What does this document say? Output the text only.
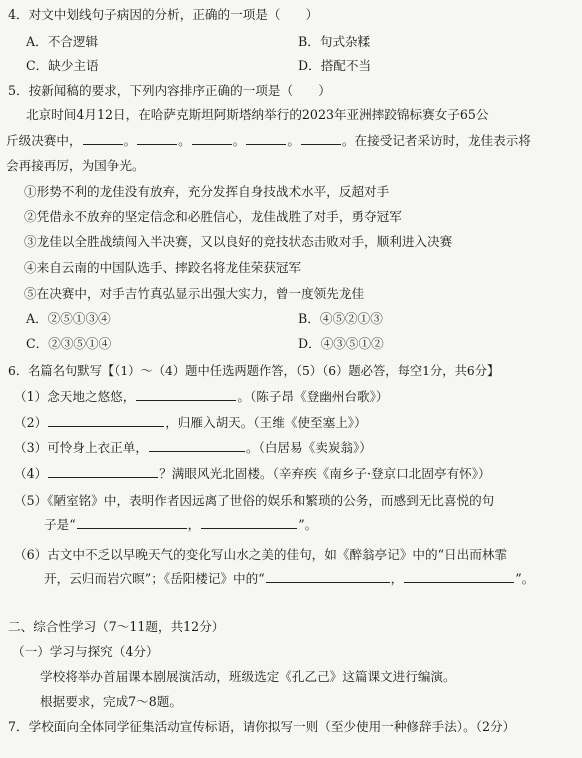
4．对文中划线句子病因的分析，正确的一项是（　　）
A．不合逻辑	B．句式杂糅
C．缺少主语	D．搭配不当
5．按新闻稿的要求，下列内容排序正确的一项是（　　）
北京时间4月12日，在哈萨克斯坦阿斯塔纳举行的2023年亚洲摔跤锦标赛女子65公
斤级决赛中，	。	。	。	。	。在接受记者采访时，龙佳表示将
会再接再厉，为国争光。
①形势不利的龙佳没有放弃，充分发挥自身技战术水平，反超对手
②凭借永不放弃的坚定信念和必胜信心，龙佳战胜了对手，勇夺冠军
③龙佳以全胜战绩闯入半决赛，又以良好的竞技状态击败对手，顺利进入决赛
④来自云南的中国队选手、摔跤名将龙佳荣获冠军
⑤在决赛中，对手吉竹真弘显示出强大实力，曾一度领先龙佳
A．②⑤①③④	B．④⑤②①③
C．②③⑤①④	D．④③⑤①②
6．名篇名句默写【（1）～（4）题中任选两题作答，（5）（6）题必答，每空1分，共6分】
（1）念天地之悠悠，	。（陈子昂《登幽州台歌》）
（2）	，归雁入胡天。（王维《使至塞上》）
（3）可怜身上衣正单，	。（白居易《卖炭翁》）
（4）	？满眼风光北固楼。（辛弃疾《南乡子·登京口北固亭有怀》）
（5）《陋室铭》中，表明作者因远离了世俗的娱乐和繁琐的公务，而感到无比喜悦的句
子是“	，	”。
（6）古文中不乏以早晚天气的变化写山水之美的佳句，如《醉翁亭记》中的“日出而林霏
开，云归而岩穴暝”；《岳阳楼记》中的“	，	”。
二、综合性学习（7～11题，共12分）
（一）学习与探究（4分）
学校将举办首届课本剧展演活动，班级选定《孔乙己》这篇课文进行编演。
根据要求，完成7～8题。
7．学校面向全体同学征集活动宣传标语，请你拟写一则（至少使用一种修辞手法）。（2分）
